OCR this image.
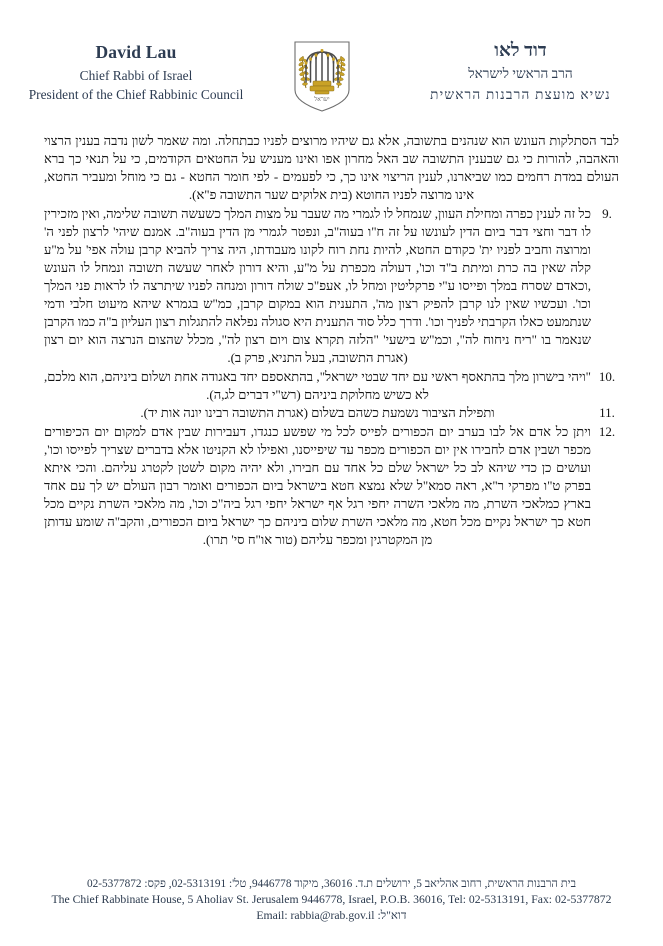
David Lau
Chief Rabbi of Israel
President of the Chief Rabbinic Council	ישראל
דוד לאו
הרב הראשי לישראל
נשיא מועצת הרבנות הראשית

לבד הסתלקות העונש הוא שנהנים בתשובה, אלא גם שיהיו מרוצים לפניו כבתחלה. ומה שאמר לשון נדבה בענין הרצוי והאהבה, להורות כי גם שבענין התשובה שב האל מחרון אפו ואינו מעניש על החטאים הקודמים, כי על תנאי כך ברא העולם במדת רחמים כמו שביארנו, לענין הריצוי אינו כך, כי לפעמים - לפי חומר החטא - גם כי מוחל ומעביר החטא, אינו מרוצה לפניו החוטא (בית אלוקים שער התשובה פ"א).

9.
כל זה לענין כפרה ומחילת העוון, שנמחל לו לגמרי מה שעבר על מצות המלך כשעשה תשובה שלימה, ואין מזכירין לו דבר וחצי דבר ביום הדין לעונשו על זה ח"ו בעוה"ב, ונפטר לגמרי מן הדין בעוה"ב. אמנם שיהי' לרצון לפני ה' ומרוצה וחביב לפניו ית' כקודם החטא, להיות נחת רוח לקונו מעבודתו, היה צריך להביא קרבן עולה אפי' על מ"ע קלה שאין בה כרת ומיתת ב"ד וכו', דעולה מכפרת על מ"ע, והיא דורון לאחר שעשה תשובה ונמחל לו העונש ,וכאדם שסרח במלך ופייסו ע"י פרקליטין ומחל לו, אעפ"כ שולח דורון ומנחה לפניו שיתרצה לו לראות פני המלך וכו'. ועכשיו שאין לנו קרבן להפיק רצון מה', התענית הוא במקום קרבן, כמ"ש בגמרא שיהא מיעוט חלבי ודמי שנתמעט כאלו הקרבתי לפניך וכו'. ודרך כלל סוד התענית היא סגולה נפלאה להתגלות רצון העליון ב"ה כמו הקרבן שנאמר בו "ריח ניחוח לה", וכמ"ש בישעי' "הלזה תקרא צום ויום רצון לה", מכלל שהצום הנרצה הוא יום רצון (אגרת התשובה, בעל התניא, פרק ב).
10.
"ויהי בישרון מלך בהתאסף ראשי עם יחד שבטי ישראל", בהתאספם יחד באגודה אחת ושלום ביניהם, הוא מלכם, לא כשיש מחלוקת ביניהם (רש"י דברים לג,ה).
11.
ותפילת הציבור נשמעת כשהם בשלום (אגרת התשובה רבינו יונה אות יד).
12.
ויתן כל אדם אל לבו בערב יום הכפורים לפייס לכל מי שפשע כנגדו, דעבירות שבין אדם למקום יום הכיפורים מכפר ושבין אדם לחבירו אין יום הכפורים מכפר עד שיפייסנו, ואפילו לא הקניטו אלא בדברים שצריך לפייסו וכו', ועושים כן כדי שיהא לב כל ישראל שלם כל אחד עם חבירו, ולא יהיה מקום לשטן לקטרג עליהם. והכי איתא בפרק ט"ו מפרקי ר"א, ראה סמא"ל שלא נמצא חטא בישראל ביום הכפורים ואומר רבון העולם יש לך עם אחד בארץ כמלאכי השרת, מה מלאכי השרה יחפי רגל אף ישראל יחפי רגל ביה"כ וכו', מה מלאכי השרת נקיים מכל חטא כך ישראל נקיים מכל חטא, מה מלאכי השרת שלום ביניהם כך ישראל ביום הכפורים, והקב"ה שומע עדותן מן המקטרגין ומכפר עליהם (טור או"ח סי' תרו).
בית הרבנות הראשית, רחוב אהליאב 5, ירושלים ת.ד. 36016, מיקוד 9446778, טל': 02-5313191, פקס: 02-5377872
The Chief Rabbinate House, 5 Aholiav St. Jerusalem 9446778, Israel, P.O.B. 36016, Tel: 02-5313191, Fax: 02-5377872
Email: rabbia@rab.gov.il דוא"ל:
